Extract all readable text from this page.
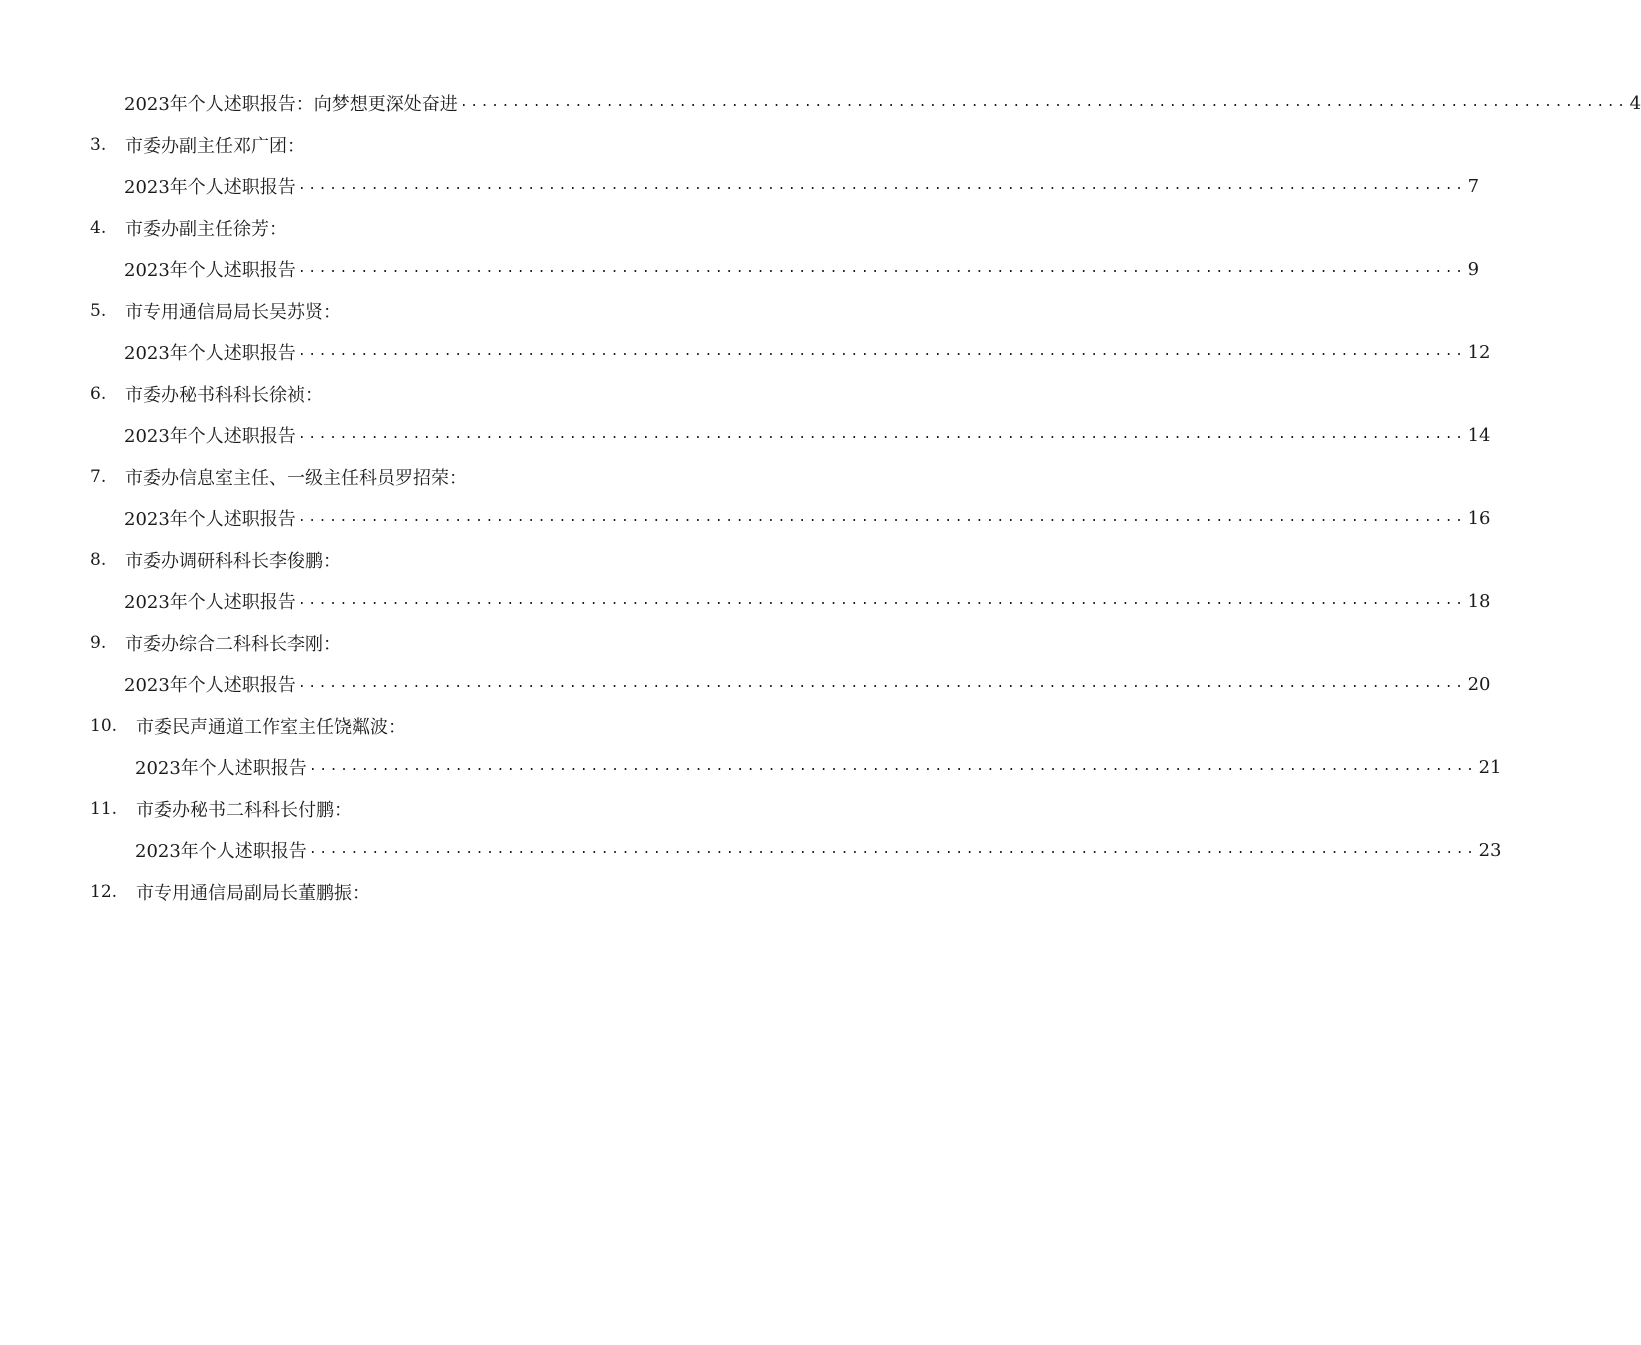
2023年个人述职报告：向梦想更深处奋进 ................................................................................................................ 4
3.	市委办副主任邓广团：
2023年个人述职报告 ................................................................................................................ 7
4.	市委办副主任徐芳：
2023年个人述职报告 ................................................................................................................ 9
5.	市专用通信局局长吴苏贤：
2023年个人述职报告 ................................................................................................................ 12
6.	市委办秘书科科长徐祯：
2023年个人述职报告 ................................................................................................................ 14
7.	市委办信息室主任、一级主任科员罗招荣：
2023年个人述职报告 ................................................................................................................ 16
8.	市委办调研科科长李俊鹏：
2023年个人述职报告 ................................................................................................................ 18
9.	市委办综合二科科长李刚：
2023年个人述职报告 ................................................................................................................ 20
10.	市委民声通道工作室主任饶粼波：
2023年个人述职报告 ................................................................................................................ 21
11.	市委办秘书二科科长付鹏：
2023年个人述职报告 ................................................................................................................ 23
12.	市专用通信局副局长董鹏振：
